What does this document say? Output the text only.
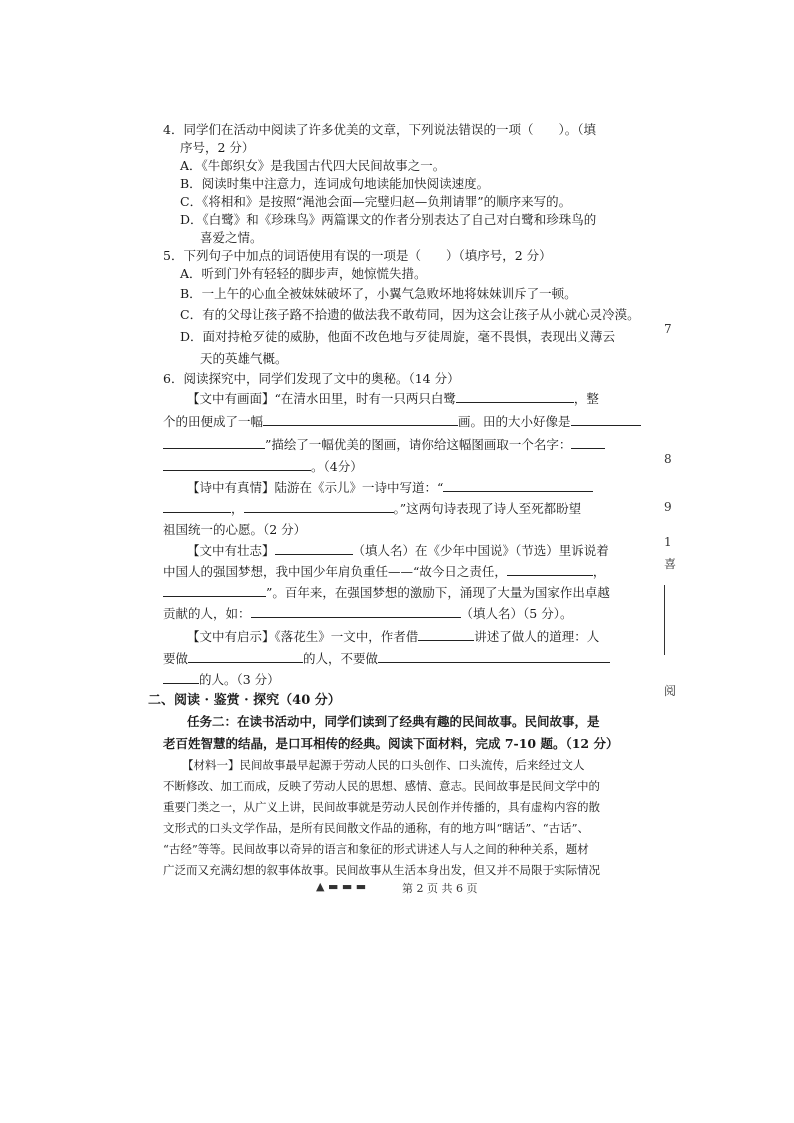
4．同学们在活动中阅读了许多优美的文章，下列说法错误的一项（　　）。（填
序号，2 分）
A．《牛郎织女》是我国古代四大民间故事之一。
B．阅读时集中注意力，连词成句地读能加快阅读速度。
C．《将相和》是按照“渑池会面—完璧归赵—负荆请罪”的顺序来写的。
D．《白鹭》和《珍珠鸟》两篇课文的作者分别表达了自己对白鹭和珍珠鸟的
喜爱之情。
5．下列句子中加点的词语使用有误的一项是（　　）（填序号，2 分）
A．听到门外有轻轻的脚步声，她惊慌失措。
B．一上午的心血全被妹妹破坏了，小翼气急败坏地将妹妹训斥了一顿。
C．有的父母让孩子路不拾遗的做法我不敢苟同，因为这会让孩子从小就心灵冷漠。
D．面对持枪歹徒的威胁，他面不改色地与歹徒周旋，毫不畏惧，表现出义薄云
天的英雄气概。
6．阅读探究中，同学们发现了文中的奥秘。（14 分）
【文中有画面】“在清水田里，时有一只两只白鹭	，整
个的田便成了一幅	画。田的大小好像是
”描绘了一幅优美的图画，请你给这幅图画取一个名字：
。（4分）
【诗中有真情】陆游在《示儿》一诗中写道：“
，	。”这两句诗表现了诗人至死都盼望
祖国统一的心愿。（2 分）
【文中有壮志】	（填人名）在《少年中国说》（节选）里诉说着
中国人的强国梦想，我中国少年肩负重任——“故今日之责任，	，
”。百年来，在强国梦想的激励下，涌现了大量为国家作出卓越
贡献的人，如：	（填人名）（5 分）。
【文中有启示】《落花生》一文中，作者借	讲述了做人的道理：人
要做	的人，不要做
的人。（3 分）
二、阅读 · 鉴赏 · 探究（40 分）
任务二：在读书活动中，同学们读到了经典有趣的民间故事。民间故事，是
老百姓智慧的结晶，是口耳相传的经典。阅读下面材料，完成 7-10 题。（12 分）
【材料一】民间故事最早起源于劳动人民的口头创作、口头流传，后来经过文人
不断修改、加工而成，反映了劳动人民的思想、感情、意志。民间故事是民间文学中的
重要门类之一，从广义上讲，民间故事就是劳动人民创作并传播的，具有虚构内容的散
文形式的口头文学作品，是所有民间散文作品的通称，有的地方叫“瞎话”、“古话”、
“古经”等等。民间故事以奇异的语言和象征的形式讲述人与人之间的种种关系，题材
广泛而又充满幻想的叙事体故事。民间故事从生活本身出发，但又并不局限于实际情况
▲ ▬ ▬ ▬	第 2 页 共 6 页
7
8
9
1
喜
阅
